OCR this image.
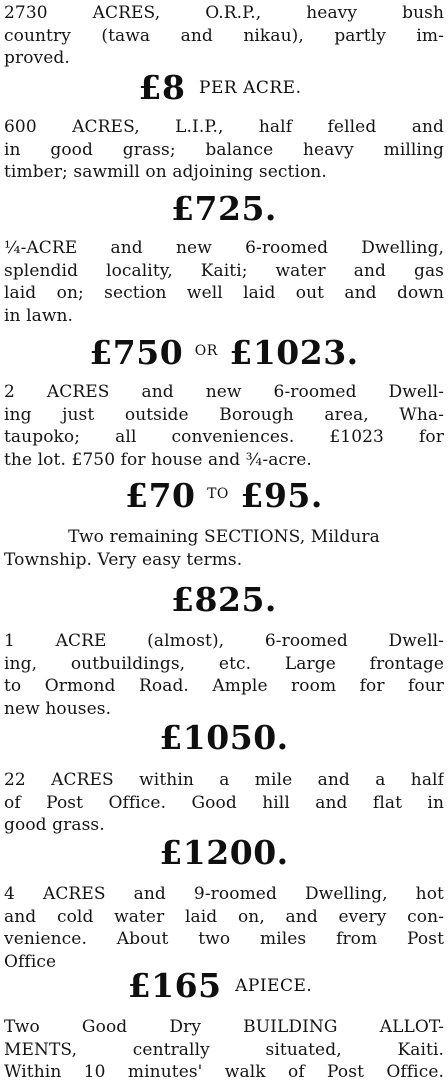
2730 ACRES, O.R.P., heavy bush
country (tawa and nikau), partly im-
proved.

£8 PER ACRE.

600 ACRES, L.I.P., half felled and
in good grass; balance heavy milling
timber; sawmill on adjoining section.

£725.

¼-ACRE and new 6-roomed Dwelling,
splendid locality, Kaiti; water and gas
laid on; section well laid out and down
in lawn.

£750 OR £1023.

2 ACRES and new 6-roomed Dwell-
ing just outside Borough area, Wha-
taupoko; all conveniences. £1023 for
the lot. £750 for house and ¾-acre.

£70 TO £95.

Two remaining SECTIONS, Mildura
Township. Very easy terms.

£825.

1 ACRE (almost), 6-roomed Dwell-
ing, outbuildings, etc. Large frontage
to Ormond Road. Ample room for four
new houses.

£1050.

22 ACRES within a mile and a half
of Post Office. Good hill and flat in
good grass.

£1200.

4 ACRES and 9-roomed Dwelling, hot
and cold water laid on, and every con-
venience. About two miles from Post
Office

£165 APIECE.

Two Good Dry BUILDING ALLOT-
MENTS, centrally situated, Kaiti.
Within 10 minutes' walk of Post Office.
